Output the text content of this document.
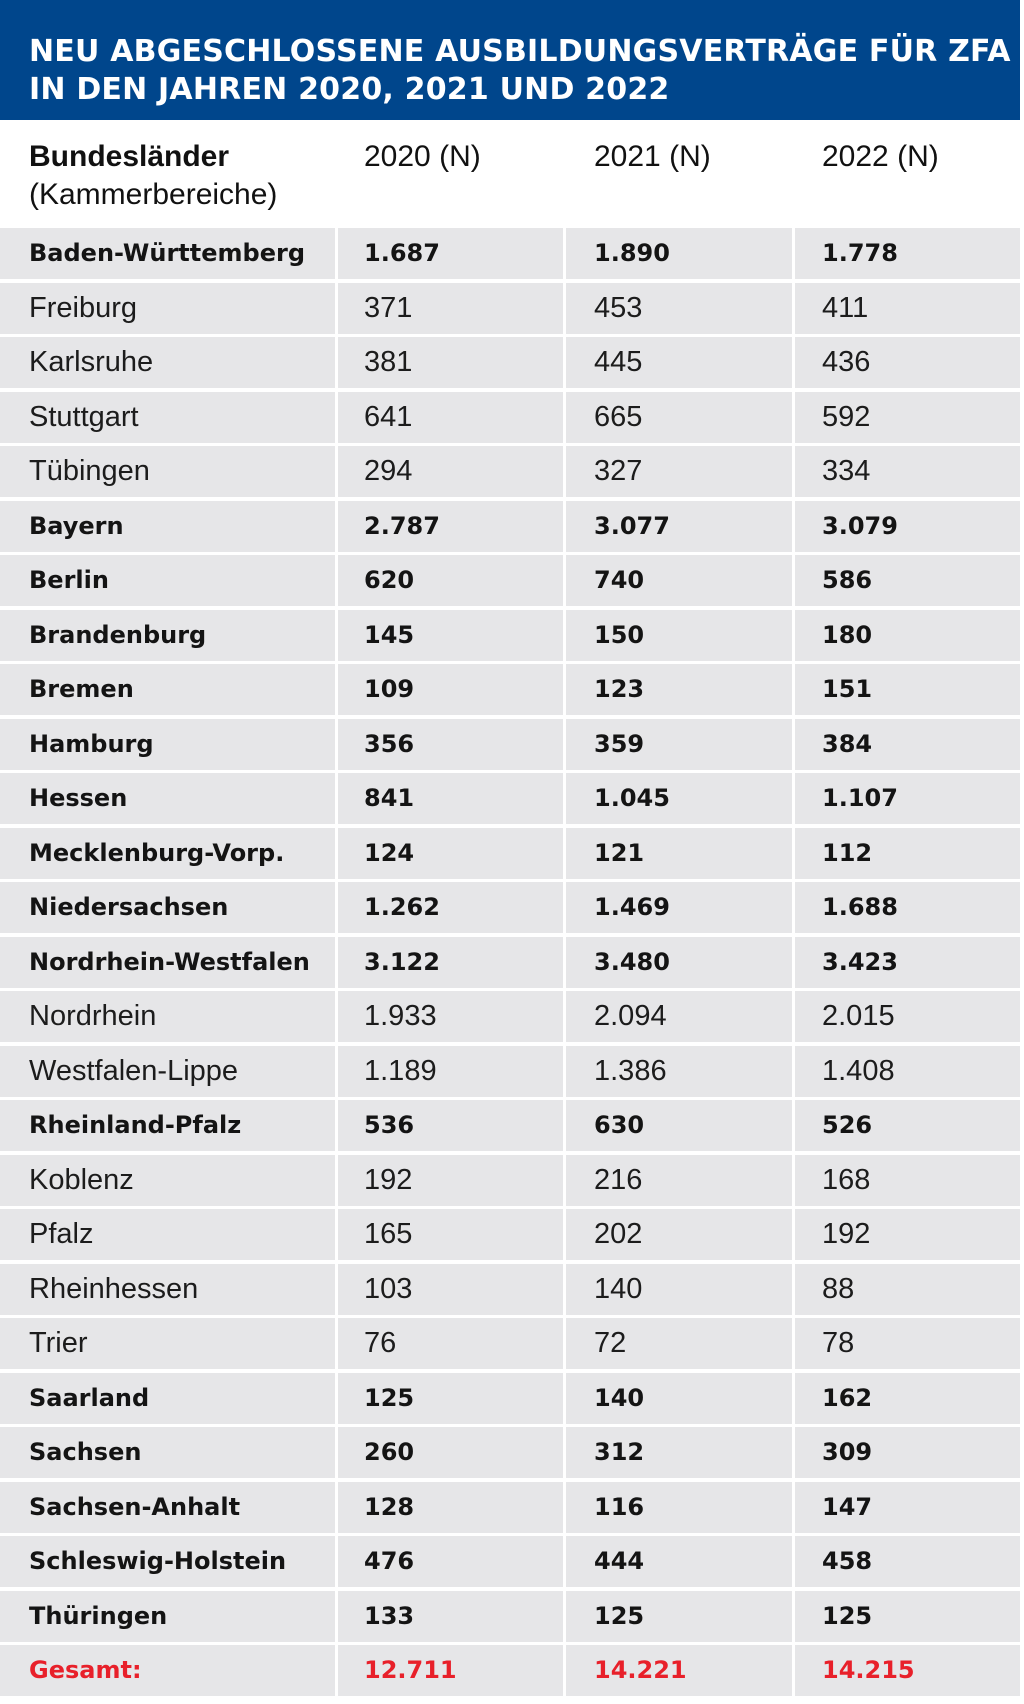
NEU ABGESCHLOSSENE AUSBILDUNGSVERTRÄGE FÜR ZFA
IN DEN JAHREN 2020, 2021 UND 2022
Bundesländer
(Kammerbereiche)
2020 (N)	2021 (N)	2022 (N)
Baden-Württemberg	1.687	1.890	1.778
Freiburg	371	453	411
Karlsruhe	381	445	436
Stuttgart	641	665	592
Tübingen	294	327	334
Bayern	2.787	3.077	3.079
Berlin	620	740	586
Brandenburg	145	150	180
Bremen	109	123	151
Hamburg	356	359	384
Hessen	841	1.045	1.107
Mecklenburg-Vorp.	124	121	112
Niedersachsen	1.262	1.469	1.688
Nordrhein-Westfalen	3.122	3.480	3.423
Nordrhein	1.933	2.094	2.015
Westfalen-Lippe	1.189	1.386	1.408
Rheinland-Pfalz	536	630	526
Koblenz	192	216	168
Pfalz	165	202	192
Rheinhessen	103	140	88
Trier	76	72	78
Saarland	125	140	162
Sachsen	260	312	309
Sachsen-Anhalt	128	116	147
Schleswig-Holstein	476	444	458
Thüringen	133	125	125
Gesamt:	12.711	14.221	14.215
